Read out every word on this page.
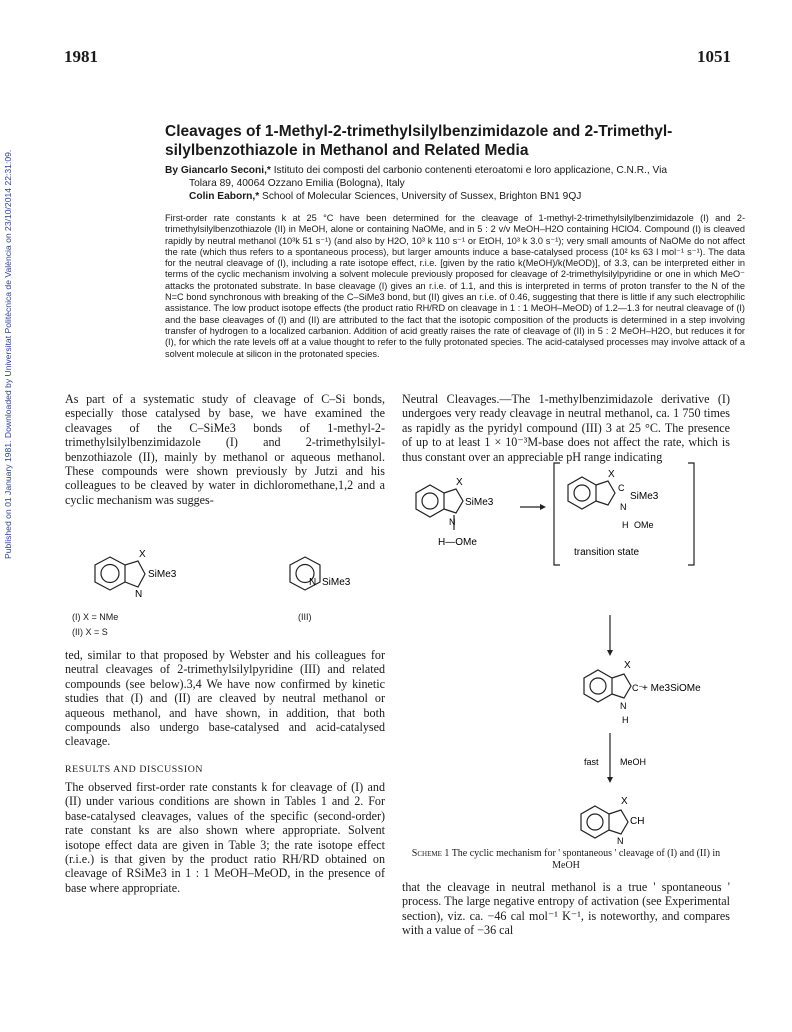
1981	1051
Published on 01 January 1981. Downloaded by Universitat Politècnica de València on 23/10/2014 22:31:09.
Cleavages of 1-Methyl-2-trimethylsilylbenzimidazole and 2-Trimethyl-silylbenzothiazole in Methanol and Related Media
By Giancarlo Seconi,* Istituto dei composti del carbonio contenenti eteroatomi e loro applicazione, C.N.R., Via
Tolara 89, 40064 Ozzano Emilia (Bologna), Italy
Colin Eaborn,* School of Molecular Sciences, University of Sussex, Brighton BN1 9QJ
First-order rate constants k at 25 °C have been determined for the cleavage of 1-methyl-2-trimethylsilylbenzimidazole (I) and 2-trimethylsilylbenzothiazole (II) in MeOH, alone or containing NaOMe, and in 5 : 2 v/v MeOH–H2O containing HClO4. Compound (I) is cleaved rapidly by neutral methanol (10³k 51 s⁻¹) (and also by H2O, 10³ k 110 s⁻¹ or EtOH, 10³ k 3.0 s⁻¹); very small amounts of NaOMe do not affect the rate (which thus refers to a spontaneous process), but larger amounts induce a base-catalysed process (10² ks 63 l mol⁻¹ s⁻¹). The data for the neutral cleavage of (I), including a rate isotope effect, r.i.e. [given by the ratio k(MeOH)/k(MeOD)], of 3.3, can be interpreted either in terms of the cyclic mechanism involving a solvent molecule previously proposed for cleavage of 2-trimethylsilylpyridine or one in which MeO⁻ attacks the protonated substrate. In base cleavage (I) gives an r.i.e. of 1.1, and this is interpreted in terms of proton transfer to the N of the N=C bond synchronous with breaking of the C–SiMe3 bond, but (II) gives an r.i.e. of 0.46, suggesting that there is little if any such electrophilic assistance. The low product isotope effects (the product ratio RH/RD on cleavage in 1 : 1 MeOH–MeOD) of 1.2—1.3 for neutral cleavage of (I) and the base cleavages of (I) and (II) are attributed to the fact that the isotopic composition of the products is determined in a step involving transfer of hydrogen to a localized carbanion. Addition of acid greatly raises the rate of cleavage of (II) in 5 : 2 MeOH–H2O, but reduces it for (I), for which the rate levels off at a value thought to refer to the fully protonated species. The acid-catalysed processes may involve attack of a solvent molecule at silicon in the protonated species.
As part of a systematic study of cleavage of C–Si bonds, especially those catalysed by base, we have examined the cleavages of the C–SiMe3 bonds of 1-methyl-2-trimethylsilylbenzimidazole (I) and 2-trimethylsilyl-benzothiazole (II), mainly by methanol or aqueous methanol. These compounds were shown previously by Jutzi and his colleagues to be cleaved by water in dichloromethane,1,2 and a cyclic mechanism was sugges-
X
SiMe3
N
N SiMe3
(I) X = NMe
(II) X = S
(III)
ted, similar to that proposed by Webster and his colleagues for neutral cleavages of 2-trimethylsilylpyridine (III) and related compounds (see below).3,4 We have now confirmed by kinetic studies that (I) and (II) are cleaved by neutral methanol or aqueous methanol, and have shown, in addition, that both compounds also undergo base-catalysed and acid-catalysed cleavage.
RESULTS AND DISCUSSION
The observed first-order rate constants k for cleavage of (I) and (II) under various conditions are shown in Tables 1 and 2. For base-catalysed cleavages, values of the specific (second-order) rate constant ks are also shown where appropriate. Solvent isotope effect data are given in Table 3; the rate isotope effect (r.i.e.) is that given by the product ratio RH/RD obtained on cleavage of RSiMe3 in 1 : 1 MeOH–MeOD, in the presence of base where appropriate.
Neutral Cleavages.—The 1-methylbenzimidazole derivative (I) undergoes very ready cleavage in neutral methanol, ca. 1 750 times as rapidly as the pyridyl compound (III) 3 at 25 °C. The presence of up to at least 1 × 10⁻³M-base does not affect the rate, which is thus constant over an appreciable pH range indicating
X
SiMe3
N
H—OMe
X
C
SiMe3
N
H OMe
transition state
X
C⁻
N
H
+ Me3SiOMe
fast MeOH
X
CH
N
Scheme 1 The cyclic mechanism for ' spontaneous ' cleavage of (I) and (II) in MeOH
that the cleavage in neutral methanol is a true ' spontaneous ' process. The large negative entropy of activation (see Experimental section), viz. ca. −46 cal mol⁻¹ K⁻¹, is noteworthy, and compares with a value of −36 cal
